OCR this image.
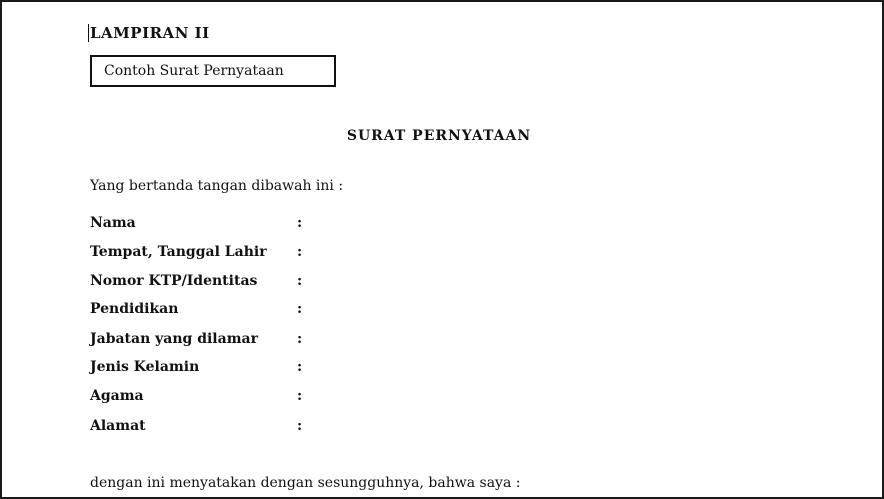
LAMPIRAN II
Contoh Surat Pernyataan
SURAT PERNYATAAN
Yang bertanda tangan dibawah ini :
Nama	:
Tempat, Tanggal Lahir	:
Nomor KTP/Identitas	:
Pendidikan	:
Jabatan yang dilamar	:
Jenis Kelamin	:
Agama	:
Alamat	:
dengan ini menyatakan dengan sesungguhnya, bahwa saya :
